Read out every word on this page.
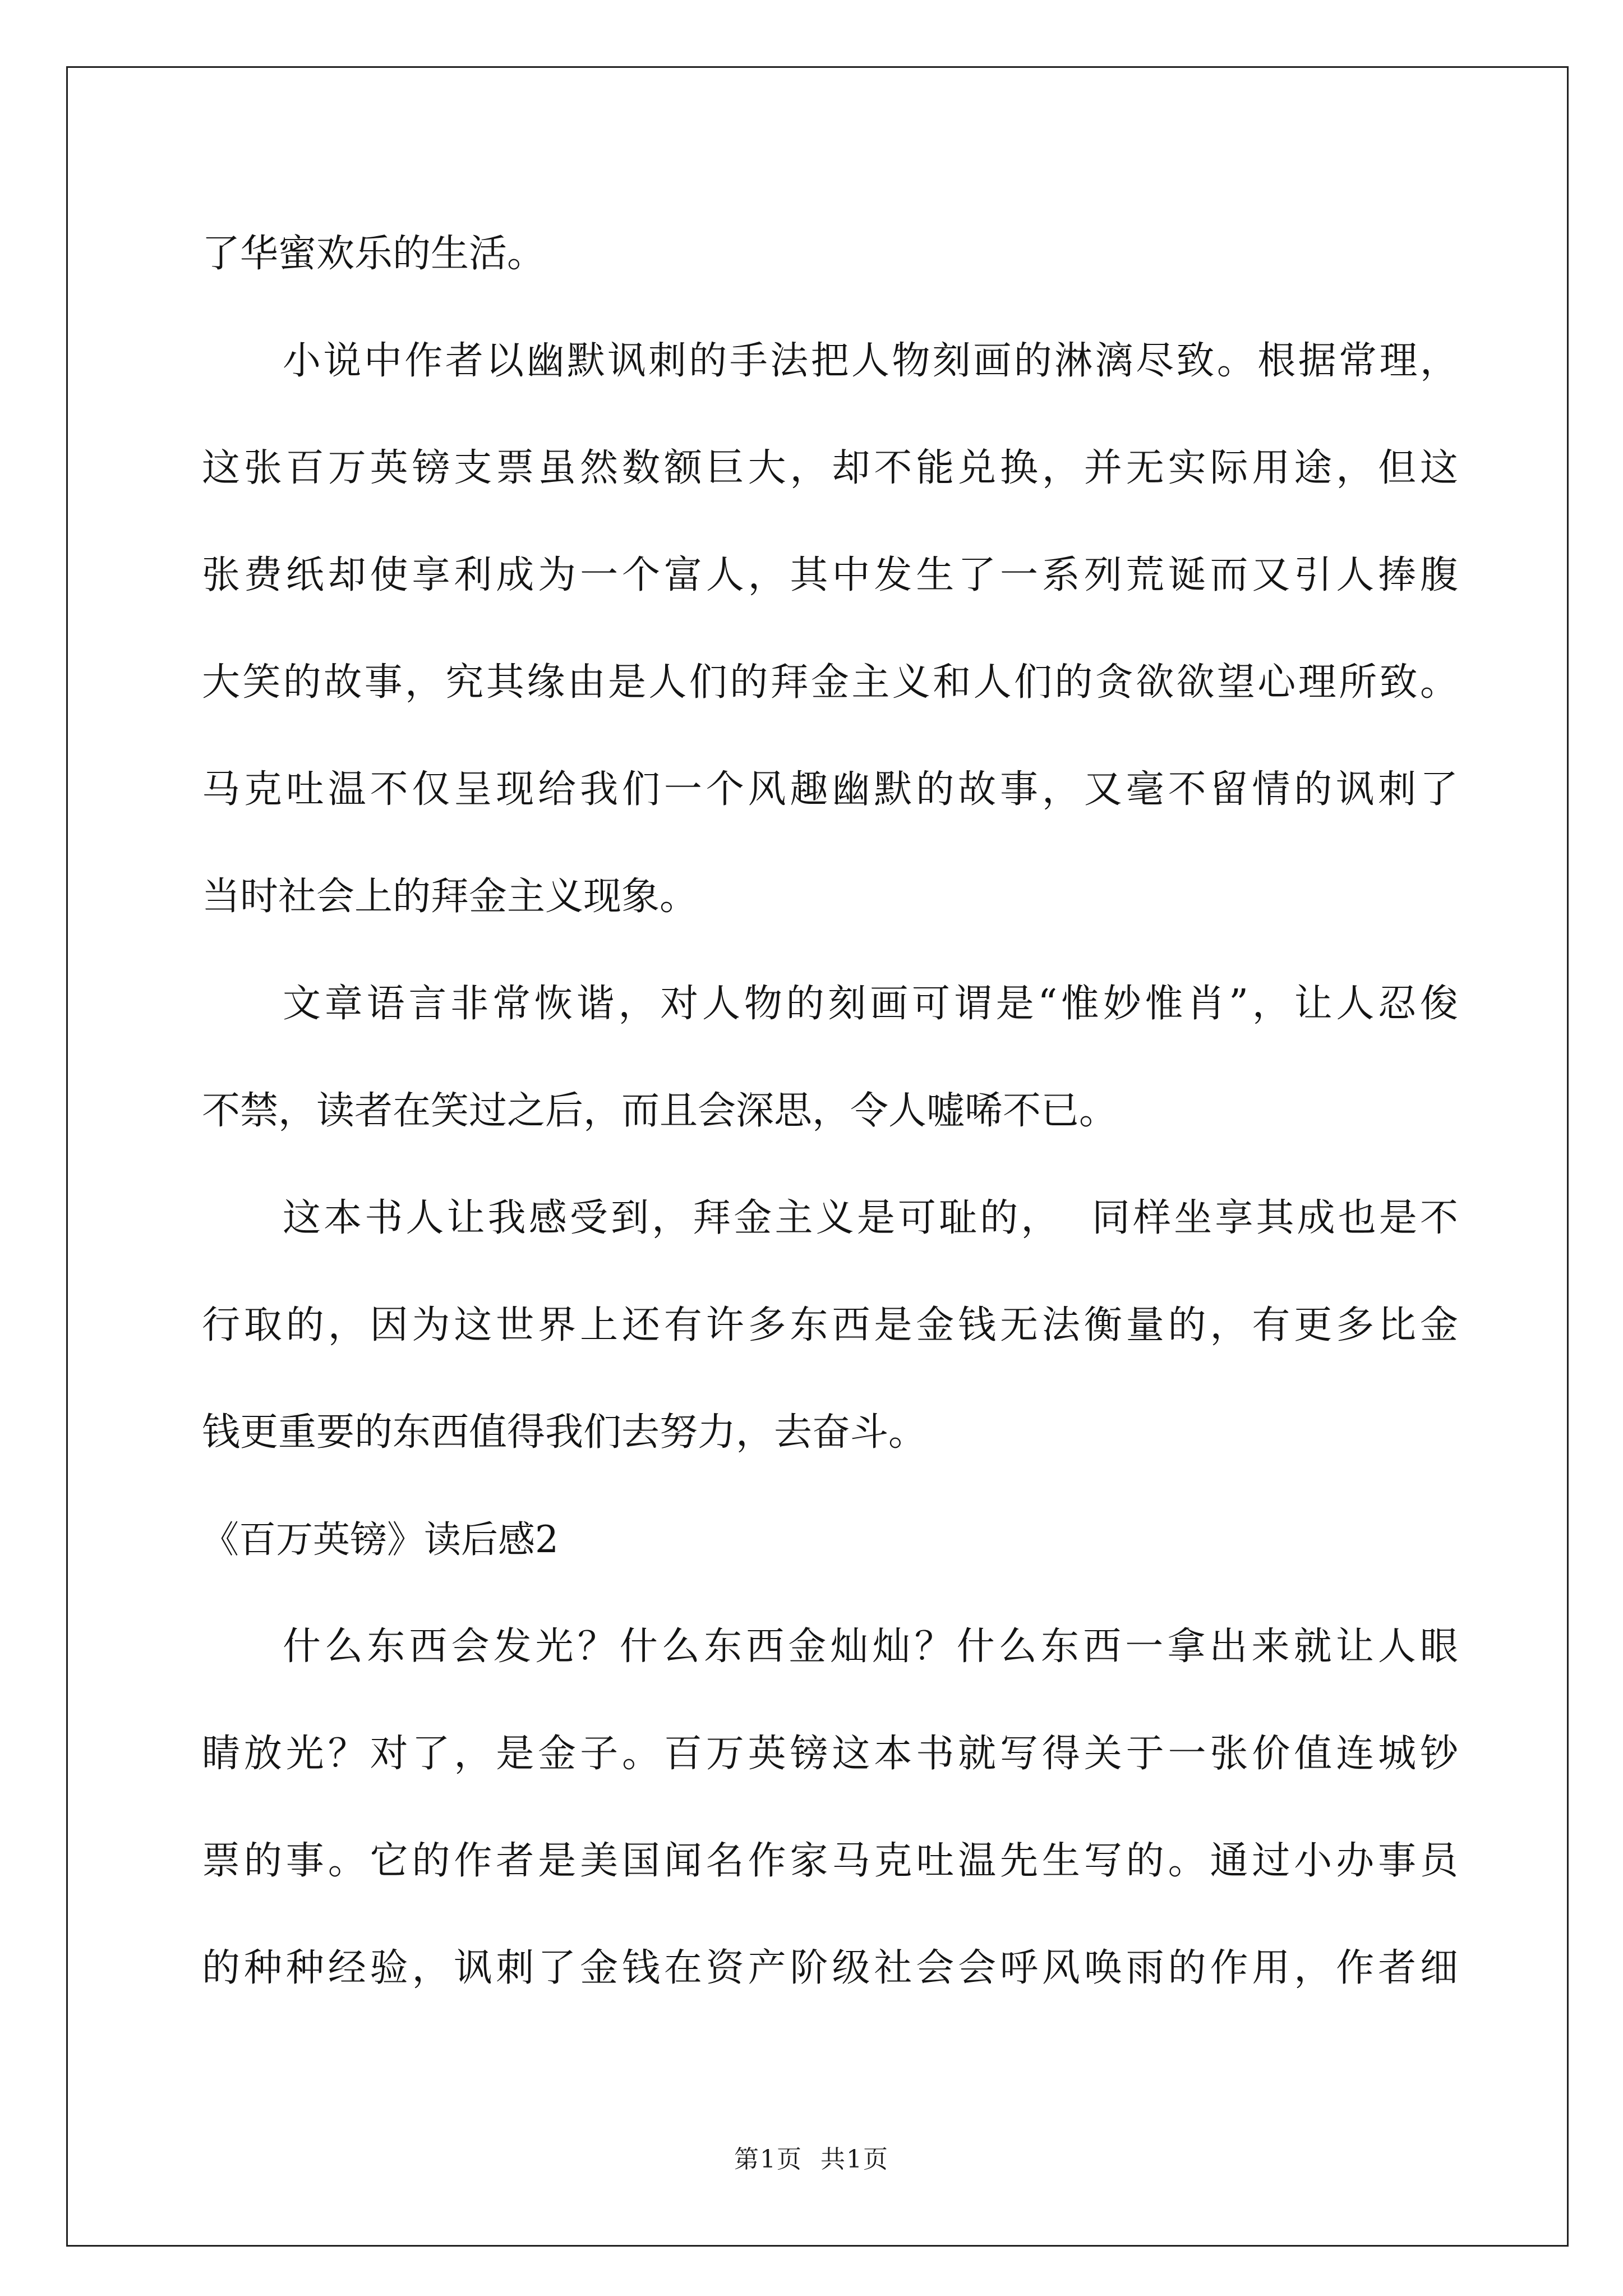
了华蜜欢乐的生活。
小说中作者以幽默讽刺的手法把人物刻画的淋漓尽致。根据常理，
这张百万英镑支票虽然数额巨大，却不能兑换，并无实际用途，但这
张费纸却使享利成为一个富人，其中发生了一系列荒诞而又引人捧腹
大笑的故事，究其缘由是人们的拜金主义和人们的贪欲欲望心理所致。
马克吐温不仅呈现给我们一个风趣幽默的故事，又毫不留情的讽刺了
当时社会上的拜金主义现象。
文章语言非常恢谐，对人物的刻画可谓是“惟妙惟肖”，让人忍俊
不禁，读者在笑过之后，而且会深思，令人嘘唏不已。
这本书人让我感受到，拜金主义是可耻的，  同样坐享其成也是不
行取的，因为这世界上还有许多东西是金钱无法衡量的，有更多比金
钱更重要的东西值得我们去努力，去奋斗。
《百万英镑》读后感2
什么东西会发光？什么东西金灿灿？什么东西一拿出来就让人眼
睛放光？对了，是金子。百万英镑这本书就写得关于一张价值连城钞
票的事。它的作者是美国闻名作家马克吐温先生写的。通过小办事员
的种种经验，讽刺了金钱在资产阶级社会会呼风唤雨的作用，作者细
第1页  共1页
